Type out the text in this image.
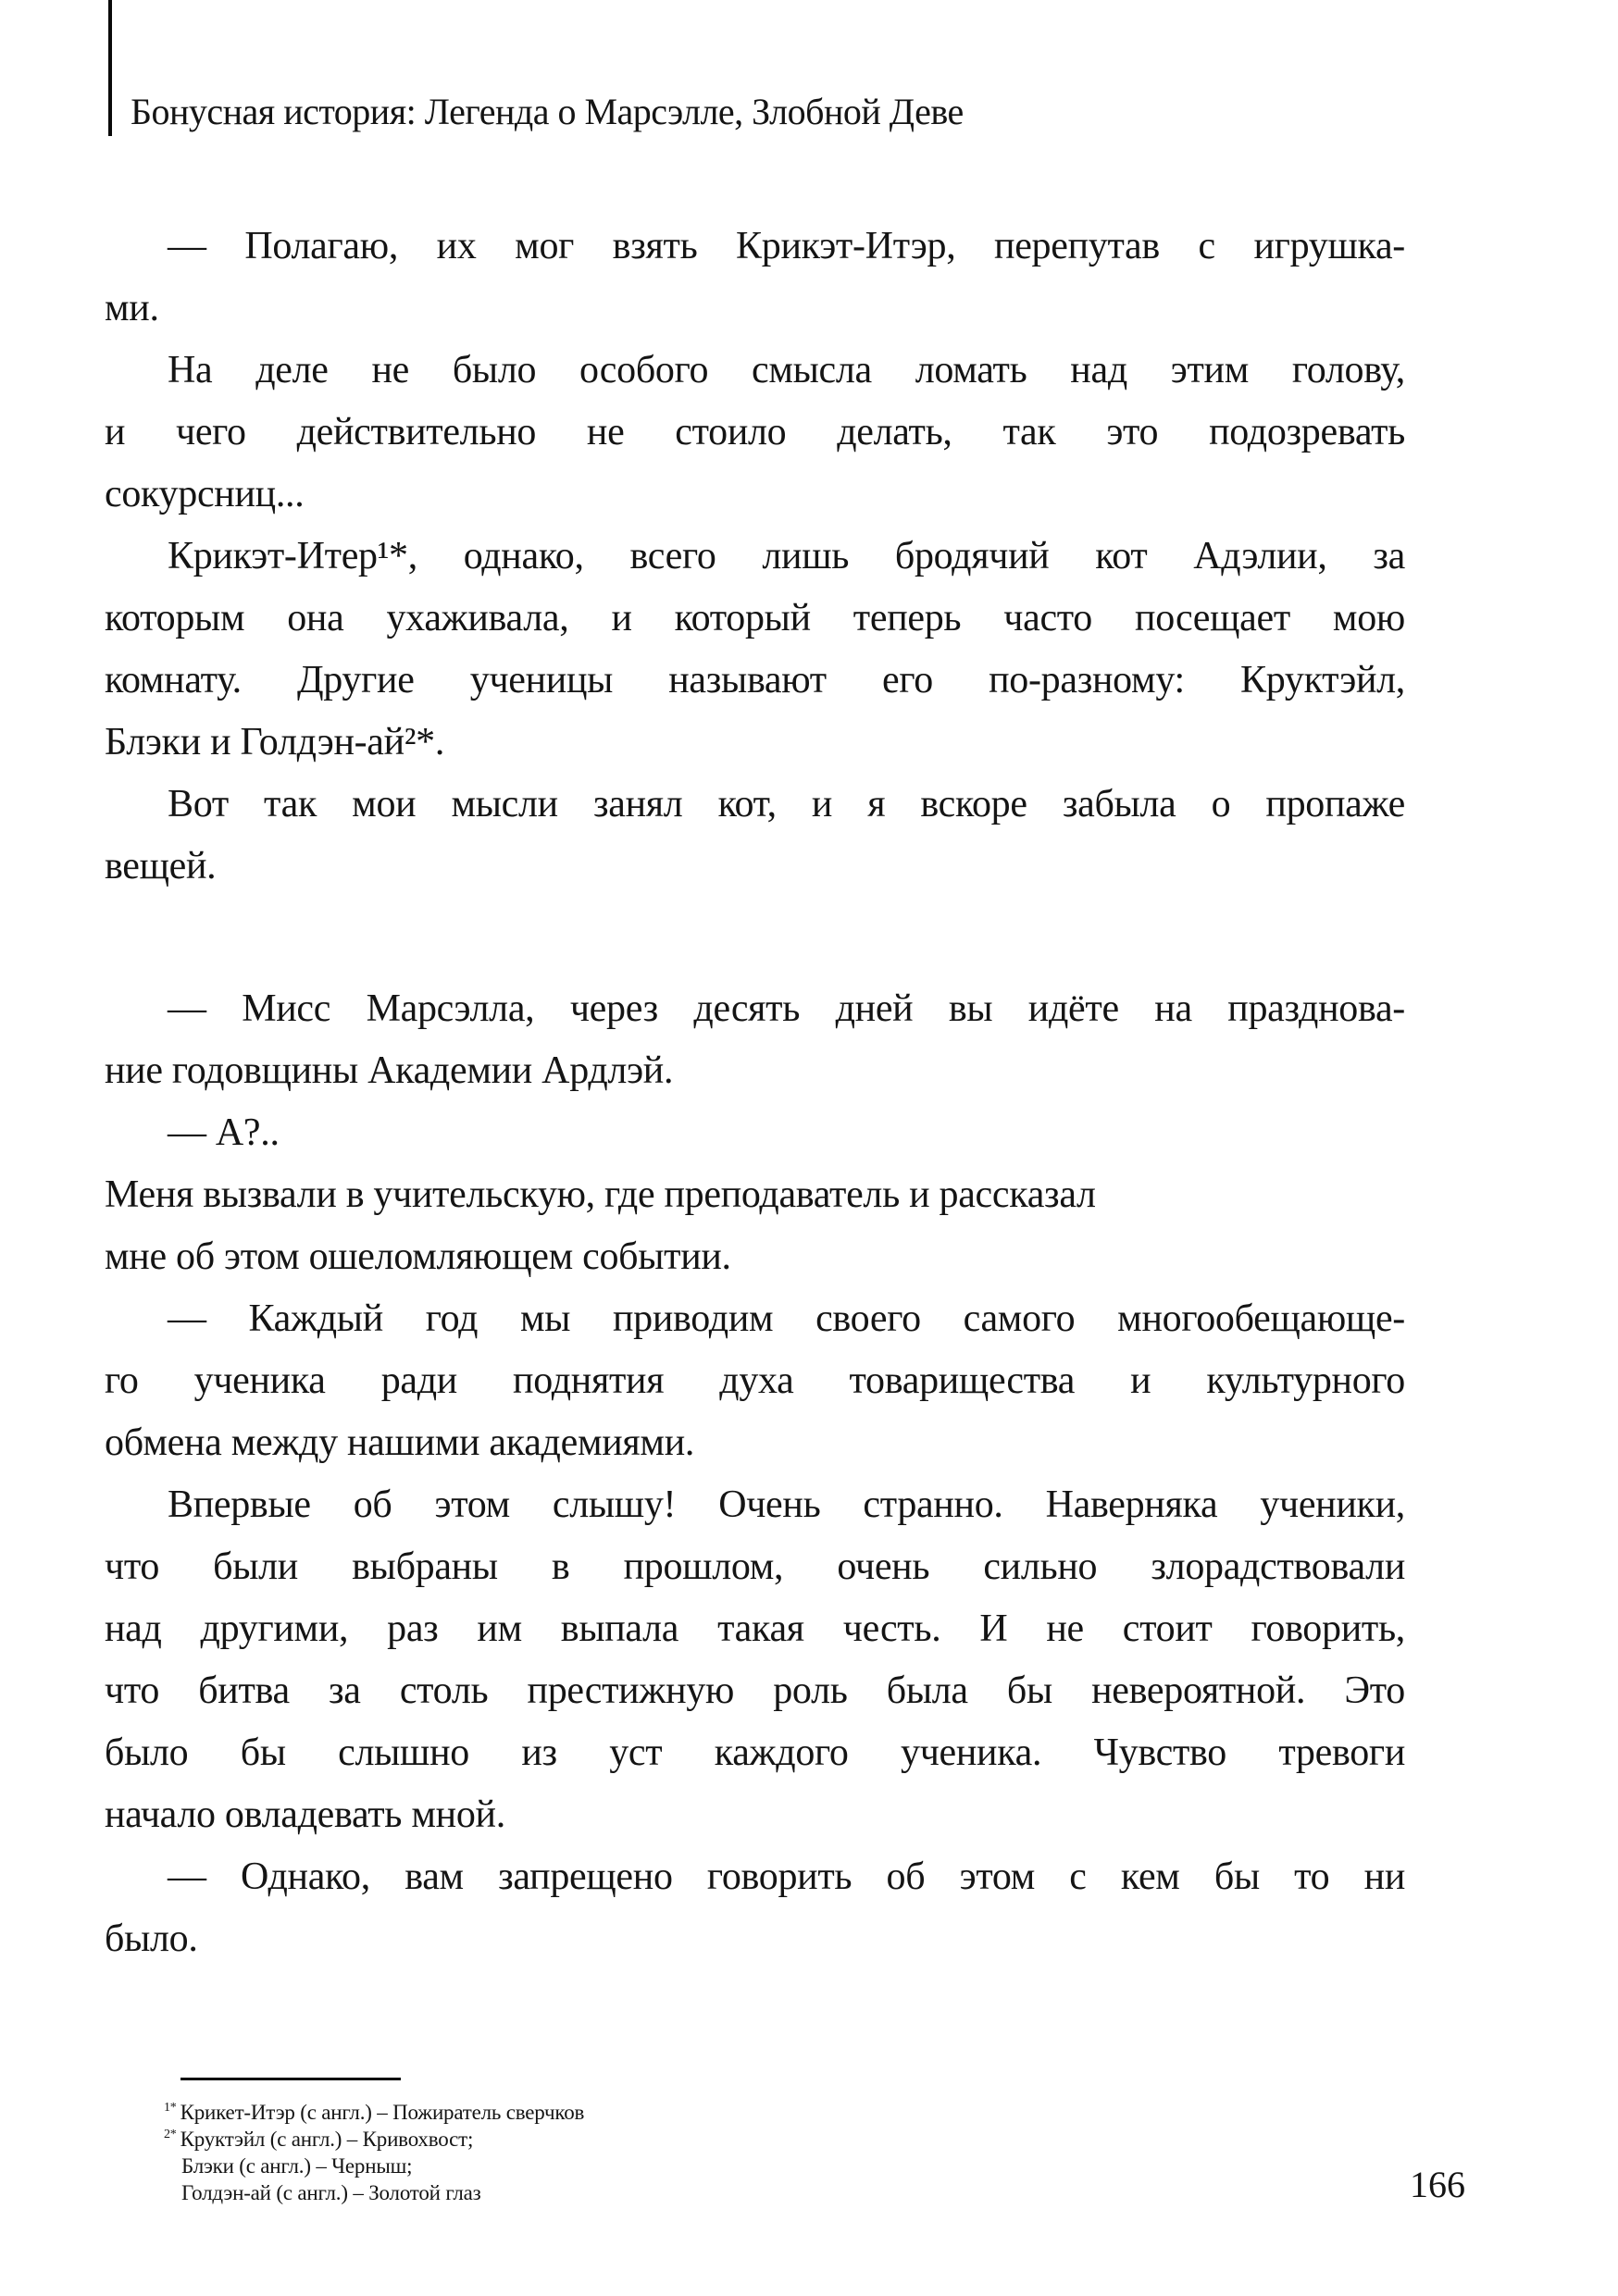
Бонусная история: Легенда о Марсэлле, Злобной Деве
— Полагаю, их мог взять Крикэт-Итэр, перепутав с игрушка-
ми.
На деле не было особого смысла ломать над этим голову,
и чего действительно не стоило делать, так это подозревать
сокурсниц...
Крикэт-Итер¹*, однако, всего лишь бродячий кот Адэлии, за
которым она ухаживала, и который теперь часто посещает мою
комнату. Другие ученицы называют его по-разному: Круктэйл,
Блэки и Голдэн-ай²*.
Вот так мои мысли занял кот, и я вскоре забыла о пропаже
вещей.
— Мисс Марсэлла, через десять дней вы идёте на празднова-
ние годовщины Академии Ардлэй.
— А?..
Меня вызвали в учительскую, где преподаватель и рассказал
мне об этом ошеломляющем событии.
— Каждый год мы приводим своего самого многообещающе-
го ученика ради поднятия духа товарищества и культурного
обмена между нашими академиями.
Впервые об этом слышу! Очень странно. Наверняка ученики,
что были выбраны в прошлом, очень сильно злорадствовали
над другими, раз им выпала такая честь. И не стоит говорить,
что битва за столь престижную роль была бы невероятной. Это
было бы слышно из уст каждого ученика. Чувство тревоги
начало овладевать мной.
— Однако, вам запрещено говорить об этом с кем бы то ни
было.
$^{1*}$ Крикет-Итэр (с англ.) – Пожиратель сверчков
$^{2*}$ Круктэйл (с англ.) – Кривохвост;
Блэки (с англ.) – Черныш;
Голдэн-ай (с англ.) – Золотой глаз	166
